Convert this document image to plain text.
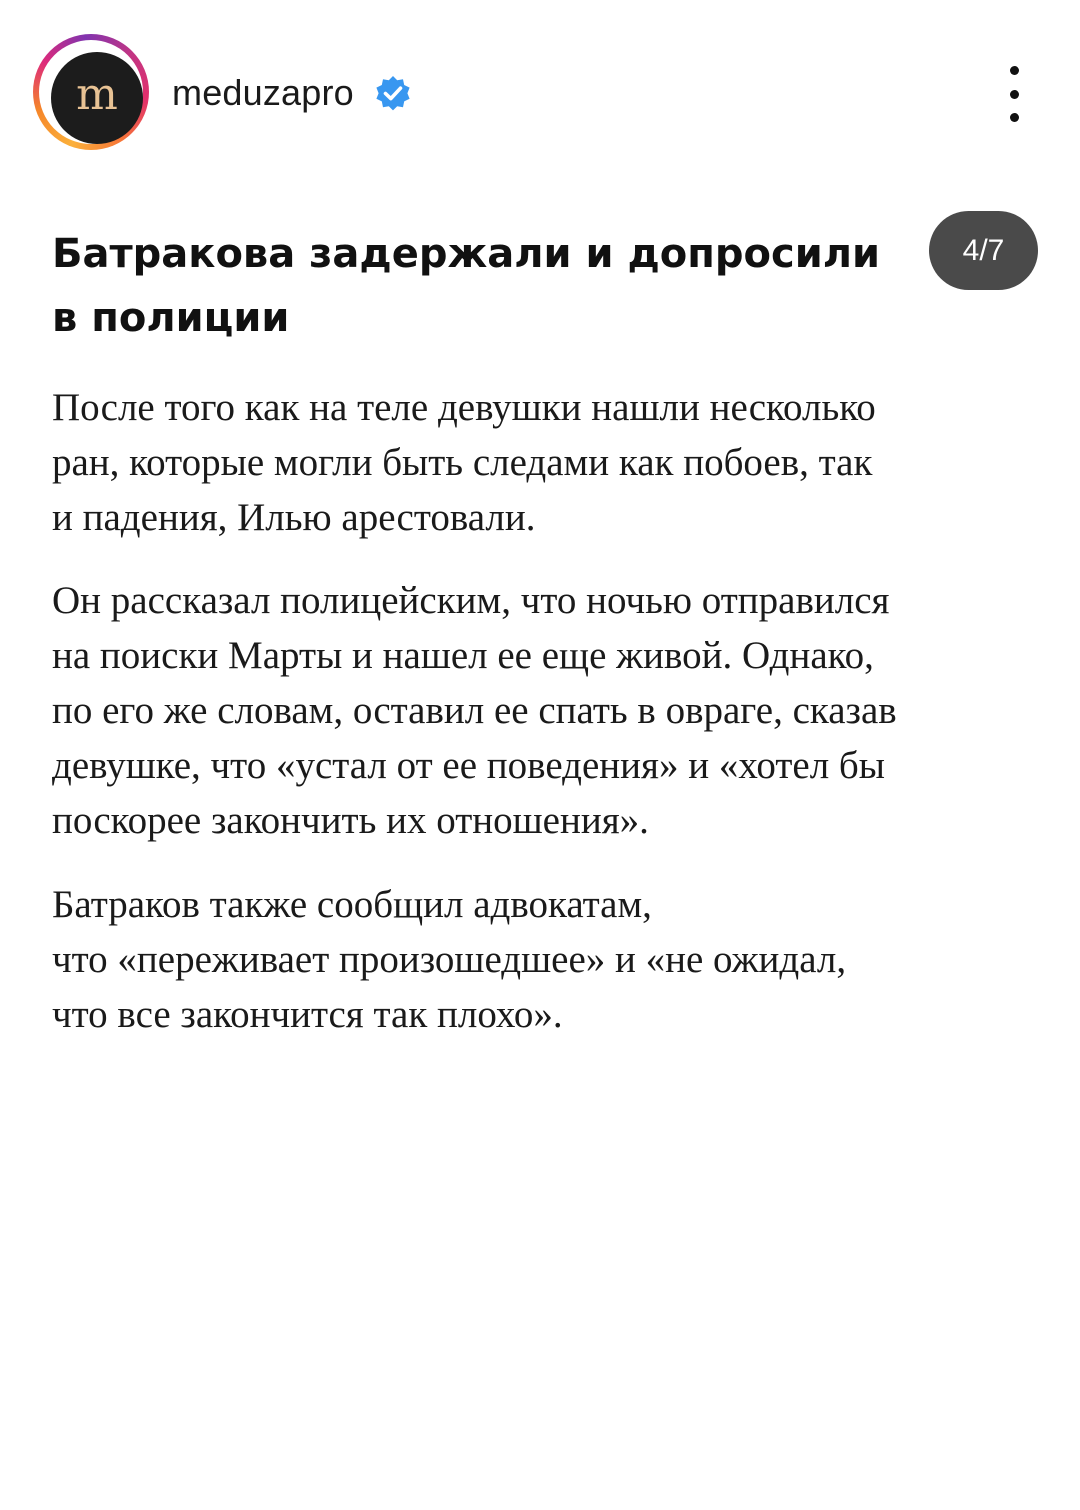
m meduzapro
4/7
Батракова задержали и допросили
в полиции

После того как на теле девушки нашли несколько
ран, которые могли быть следами как побоев, так
и падения, Илью арестовали.

Он рассказал полицейским, что ночью отправился
на поиски Марты и нашел ее еще живой. Однако,
по его же словам, оставил ее спать в овраге, сказав
девушке, что «устал от ее поведения» и «хотел бы
поскорее закончить их отношения».

Батраков также сообщил адвокатам,
что «переживает произошедшее» и «не ожидал,
что все закончится так плохо».
